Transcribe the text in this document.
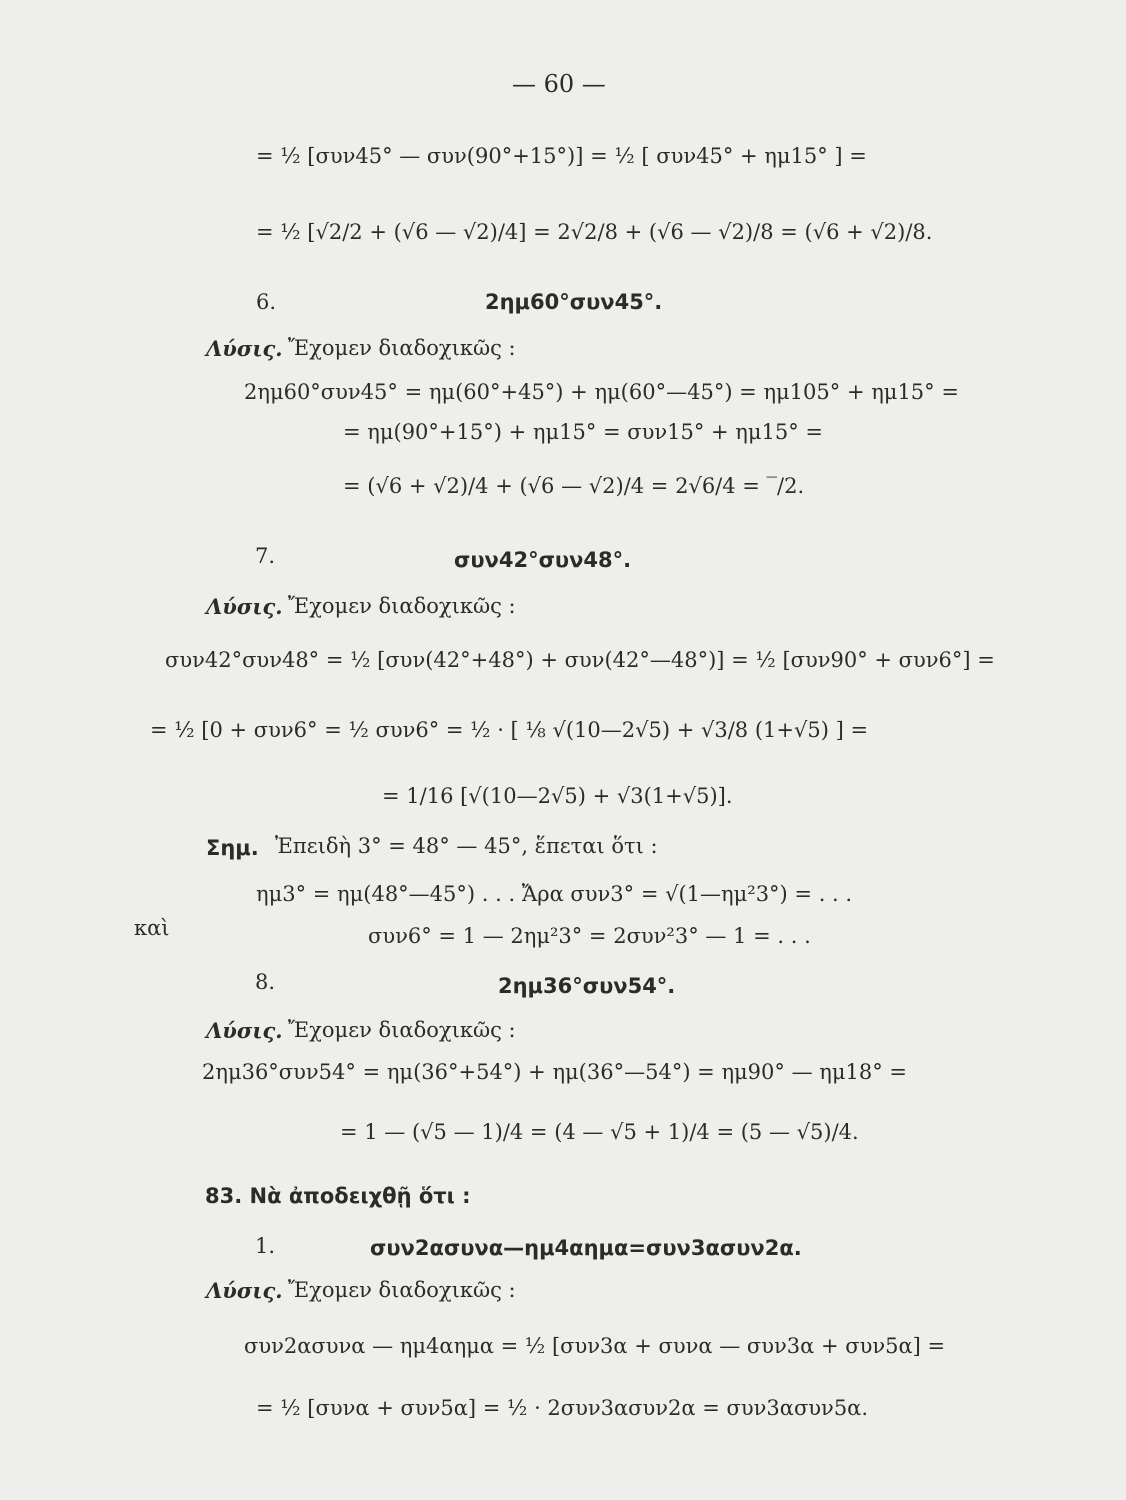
— 60 —
= ½ [συν45° — συν(90°+15°)] = ½ [ συν45° + ημ15° ] =
= ½ [√2/2 + (√6 — √2)/4] = 2√2/8 + (√6 — √2)/8 = (√6 + √2)/8.
6.	2ημ60°συν45°.
Λύσις. Ἔχομεν διαδοχικῶς :
2ημ60°συν45° = ημ(60°+45°) + ημ(60°—45°) = ημ105° + ημ15° =
= ημ(90°+15°) + ημ15° = συν15° + ημ15° =
= (√6 + √2)/4 + (√6 — √2)/4 = 2√6/4 = ‾/2.
7.	συν42°συν48°.
Λύσις. Ἔχομεν διαδοχικῶς :
συν42°συν48° = ½ [συν(42°+48°) + συν(42°—48°)] = ½ [συν90° + συν6°] =
= ½ [0 + συν6° = ½ συν6° = ½ · [ ⅛ √(10—2√5) + √3/8 (1+√5) ] =
= 1/16 [√(10—2√5) + √3(1+√5)].
Σημ. Ἐπειδὴ 3° = 48° — 45°, ἕπεται ὅτι :
ημ3° = ημ(48°—45°) . . . Ἄρα συν3° = √(1—ημ²3°) = . . .
καὶ	συν6° = 1 — 2ημ²3° = 2συν²3° — 1 = . . .
8.	2ημ36°συν54°.
Λύσις. Ἔχομεν διαδοχικῶς :
2ημ36°συν54° = ημ(36°+54°) + ημ(36°—54°) = ημ90° — ημ18° =
= 1 — (√5 — 1)/4 = (4 — √5 + 1)/4 = (5 — √5)/4.
83. Νὰ ἀποδειχθῇ ὅτι :
1.	συν2ασυνα—ημ4αημα=συν3ασυν2α.
Λύσις. Ἔχομεν διαδοχικῶς :
συν2ασυνα — ημ4αημα = ½ [συν3α + συνα — συν3α + συν5α] =
= ½ [συνα + συν5α] = ½ · 2συν3ασυν2α = συν3ασυν5α.
